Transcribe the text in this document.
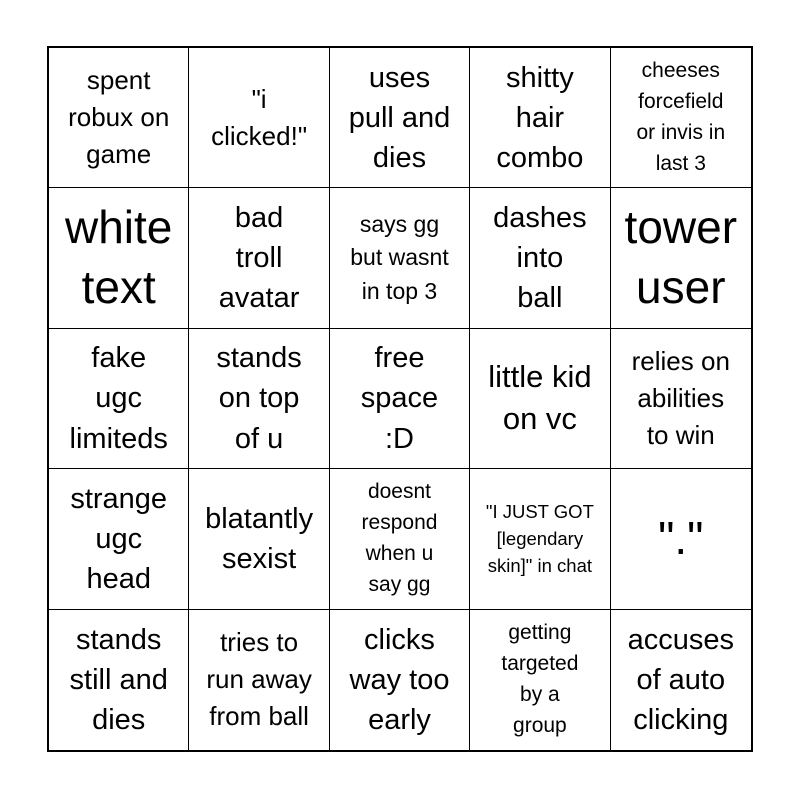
spent
robux on
game
"i
clicked!"
uses
pull and
dies
shitty
hair
combo
cheeses
forcefield
or invis in
last 3
white
text
bad
troll
avatar
says gg
but wasnt
in top 3
dashes
into
ball
tower
user
fake
ugc
limiteds
stands
on top
of u
free
space
:D
little kid
on vc
relies on
abilities
to win
strange
ugc
head
blatantly
sexist
doesnt
respond
when u
say gg
"I JUST GOT
[legendary
skin]" in chat
"."
stands
still and
dies
tries to
run away
from ball
clicks
way too
early
getting
targeted
by a
group
accuses
of auto
clicking
